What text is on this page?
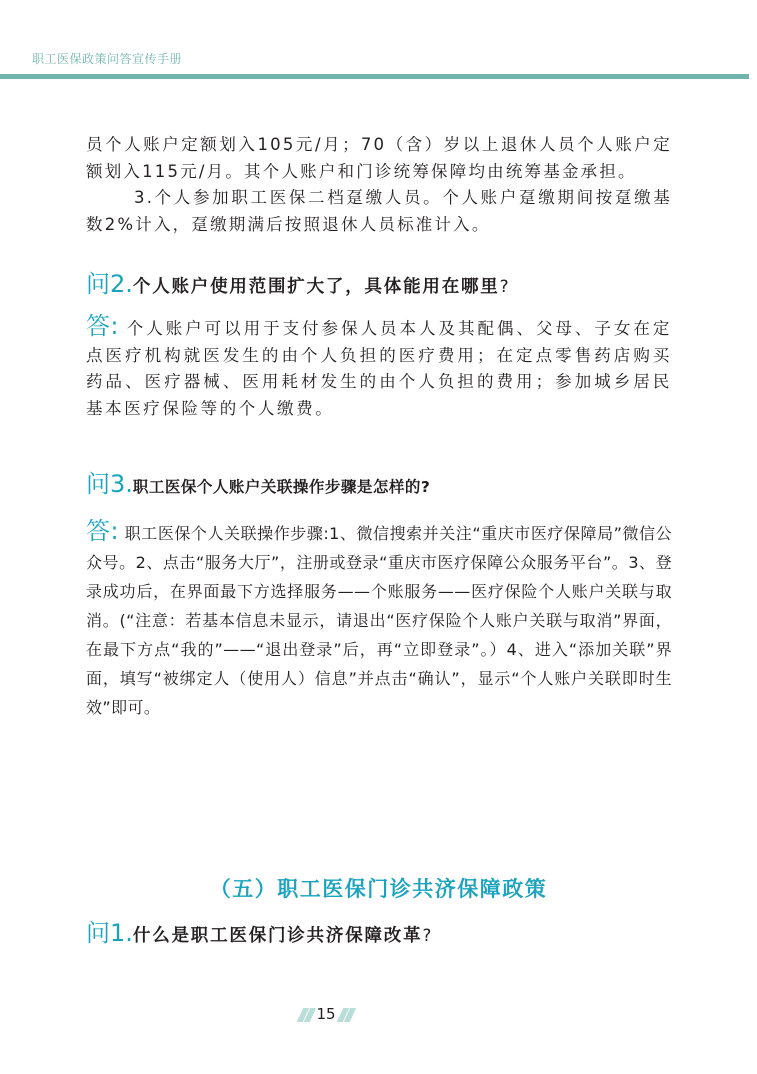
职工医保政策问答宣传手册

员个人账户定额划入105元/月；70（含）岁以上退休人员个人账户定额划入115元/月。其个人账户和门诊统筹保障均由统筹基金承担。

3.个人参加职工医保二档趸缴人员。个人账户趸缴期间按趸缴基数2%计入，趸缴期满后按照退休人员标准计入。

问2. 个人账户使用范围扩大了，具体能用在哪里 ?

答: 个人账户可以用于支付参保人员本人及其配偶、父母、子女在定点医疗机构就医发生的由个人负担的医疗费用；在定点零售药店购买药品、医疗器械、医用耗材发生的由个人负担的费用；参加城乡居民基本医疗保险等的个人缴费。

问3. 职工医保个人账户关联操作步骤是怎样的?

答: 职工医保个人关联操作步骤:1、微信搜索并关注“重庆市医疗保障局”微信公众号。2、点击“服务大厅”，注册或登录“重庆市医疗保障公众服务平台”。3、登录成功后，在界面最下方选择服务——个账服务——医疗保险个人账户关联与取消。(“注意：若基本信息未显示，请退出“医疗保险个人账户关联与取消”界面，在最下方点“我的”——“退出登录”后，再“立即登录”。）4、进入“添加关联”界面，填写“被绑定人（使用人）信息”并点击“确认”，显示“个人账户关联即时生效”即可。

（五）职工医保门诊共济保障政策
问1. 什么是职工医保门诊共济保障改革 ?
15
